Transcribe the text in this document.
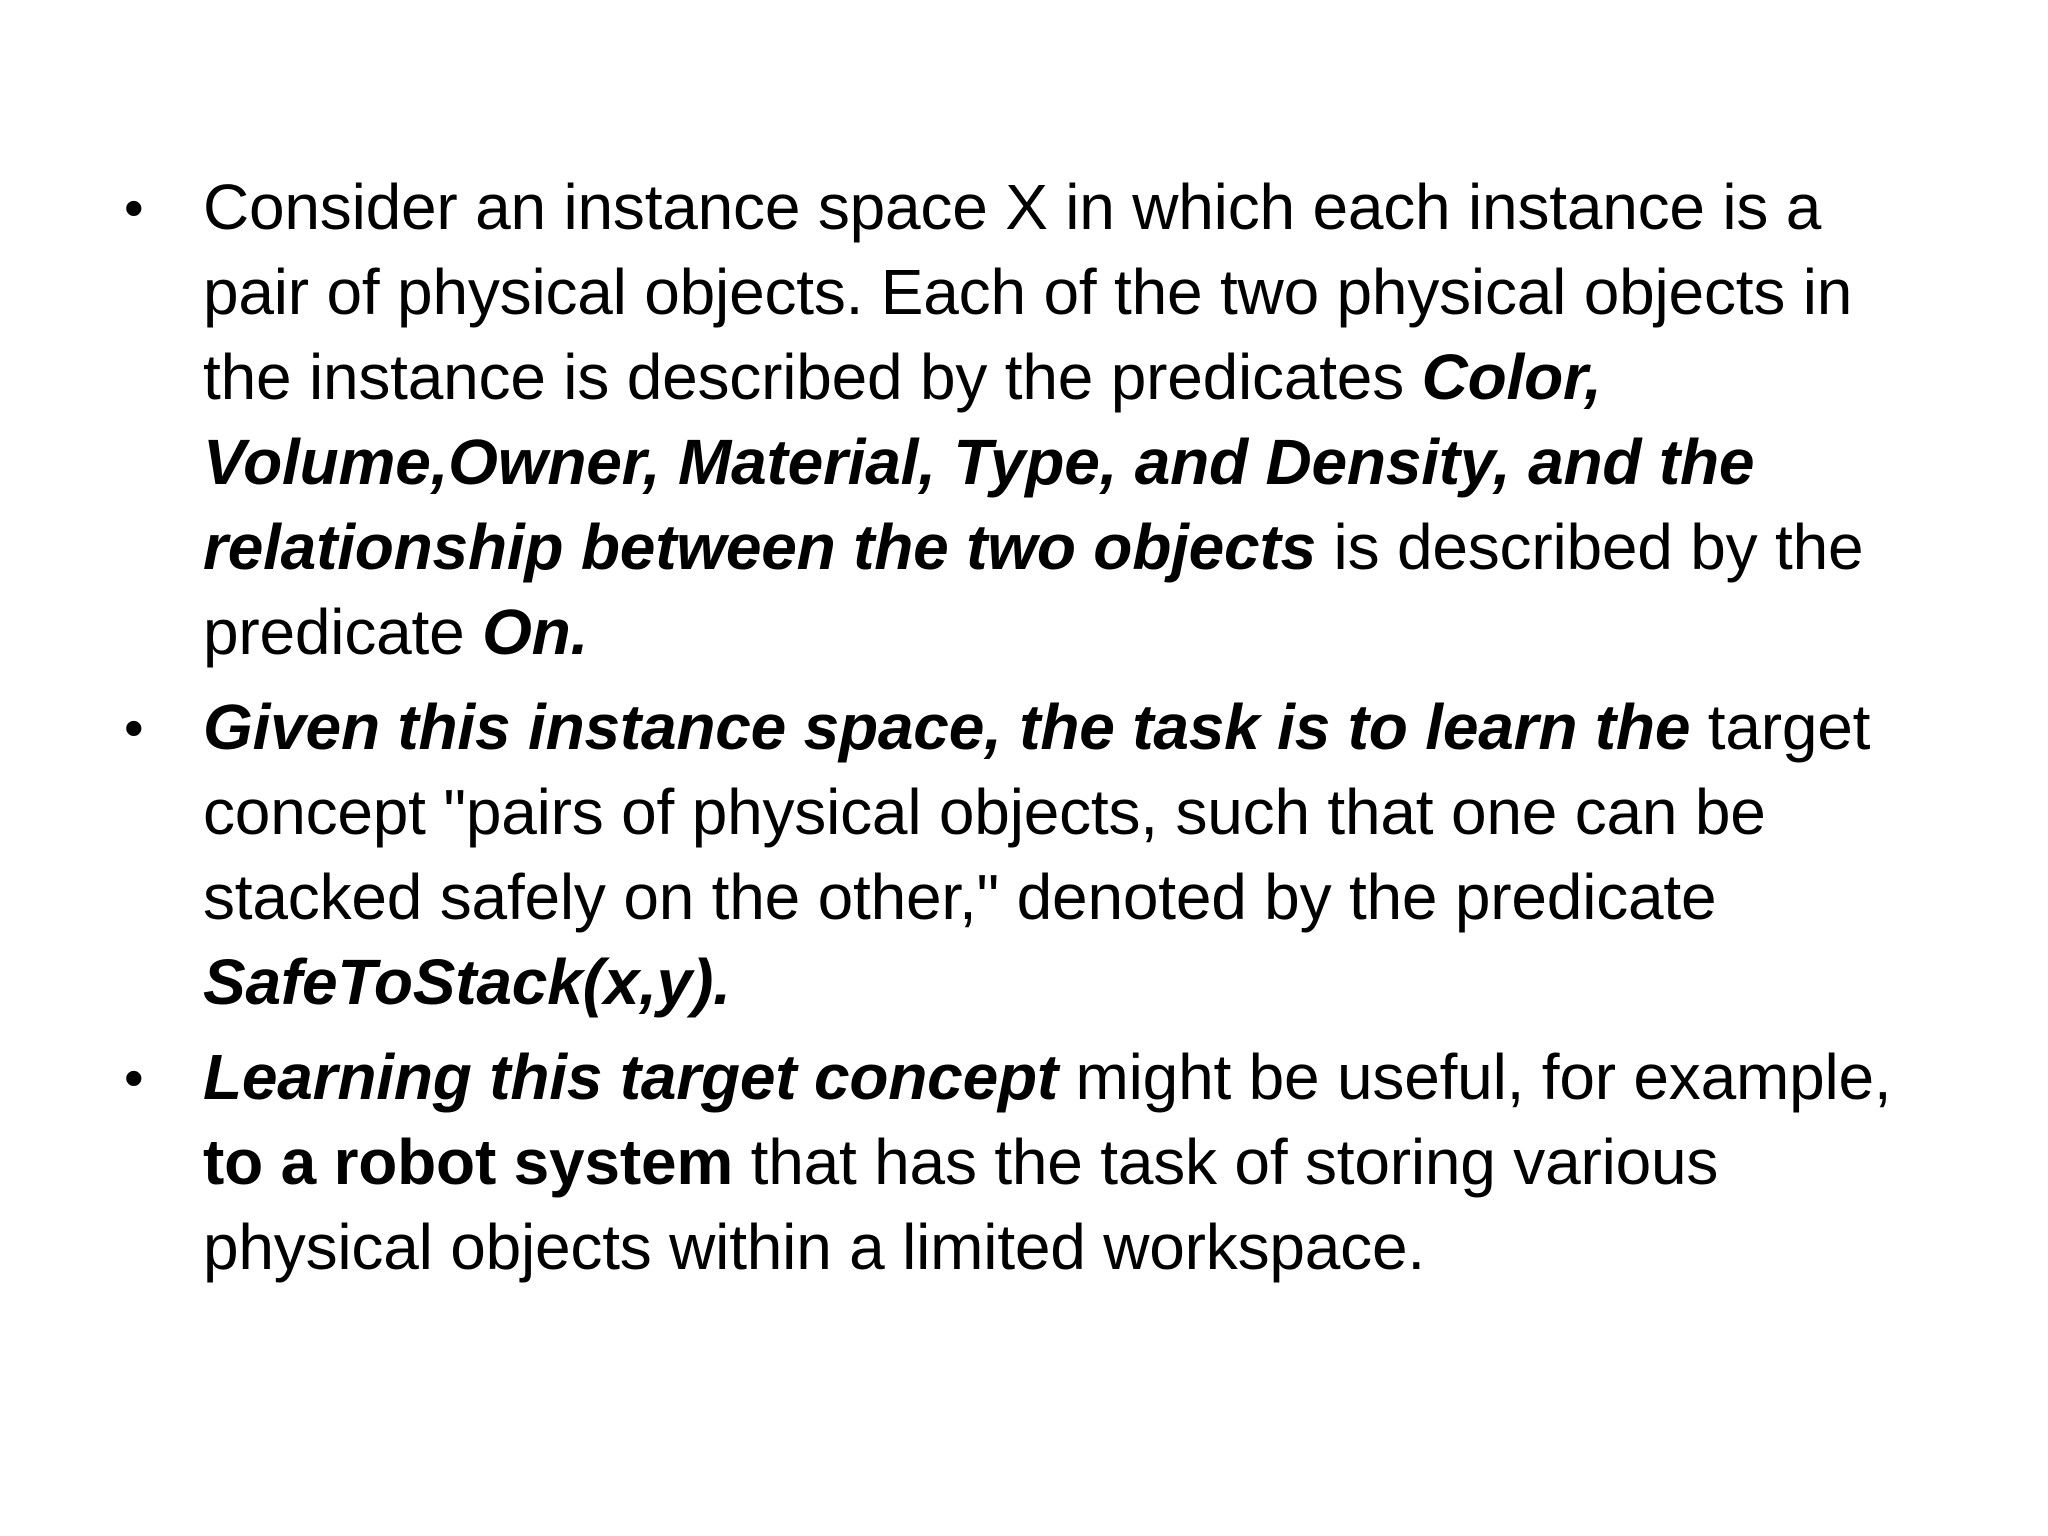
• Consider an instance space X in which each instance is a pair of physical objects. Each of the two physical objects in the instance is described by the predicates Color, Volume,Owner, Material, Type, and Density, and the relationship between the two objects is described by the predicate On.
• Given this instance space, the task is to learn the target concept "pairs of physical objects, such that one can be stacked safely on the other," denoted by the predicate SafeToStack(x,y).
• Learning this target concept might be useful, for example, to a robot system that has the task of storing various physical objects within a limited workspace.
